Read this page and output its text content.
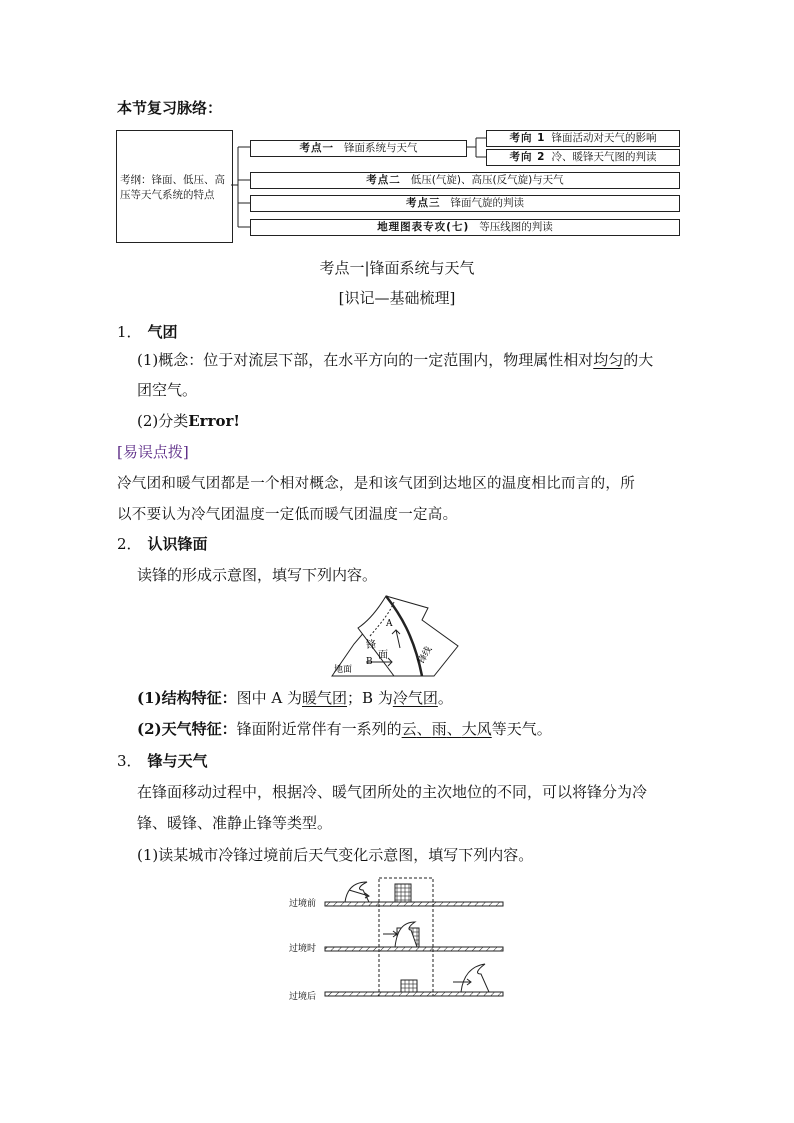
本节复习脉络：
考纲：锋面、低压、高
压等天气系统的特点
考点一 锋面系统与天气
考向 1 锋面活动对天气的影响
考向 2 冷、暖锋天气图的判读
考点二 低压(气旋)、高压(反气旋)与天气
考点三 锋面气旋的判读
地理图表专攻(七) 等压线图的判读
考点一|锋面系统与天气
[识记—基础梳理]
1． 气团
(1)概念：位于对流层下部，在水平方向的一定范围内，物理属性相对均匀的大
团空气。
(2)分类Error!
[易误点拨]
冷气团和暖气团都是一个相对概念，是和该气团到达地区的温度相比而言的，所
以不要认为冷气团温度一定低而暖气团温度一定高。
2． 认识锋面
读锋的形成示意图，填写下列内容。
A
锋
面
地面
B	锋线
(1)结构特征：图中 A 为暖气团；B 为冷气团。
(2)天气特征：锋面附近常伴有一系列的云、雨、大风等天气。
3． 锋与天气
在锋面移动过程中，根据冷、暖气团所处的主次地位的不同，可以将锋分为冷
锋、暖锋、准静止锋等类型。
(1)读某城市冷锋过境前后天气变化示意图，填写下列内容。
过境前
过境时
过境后
